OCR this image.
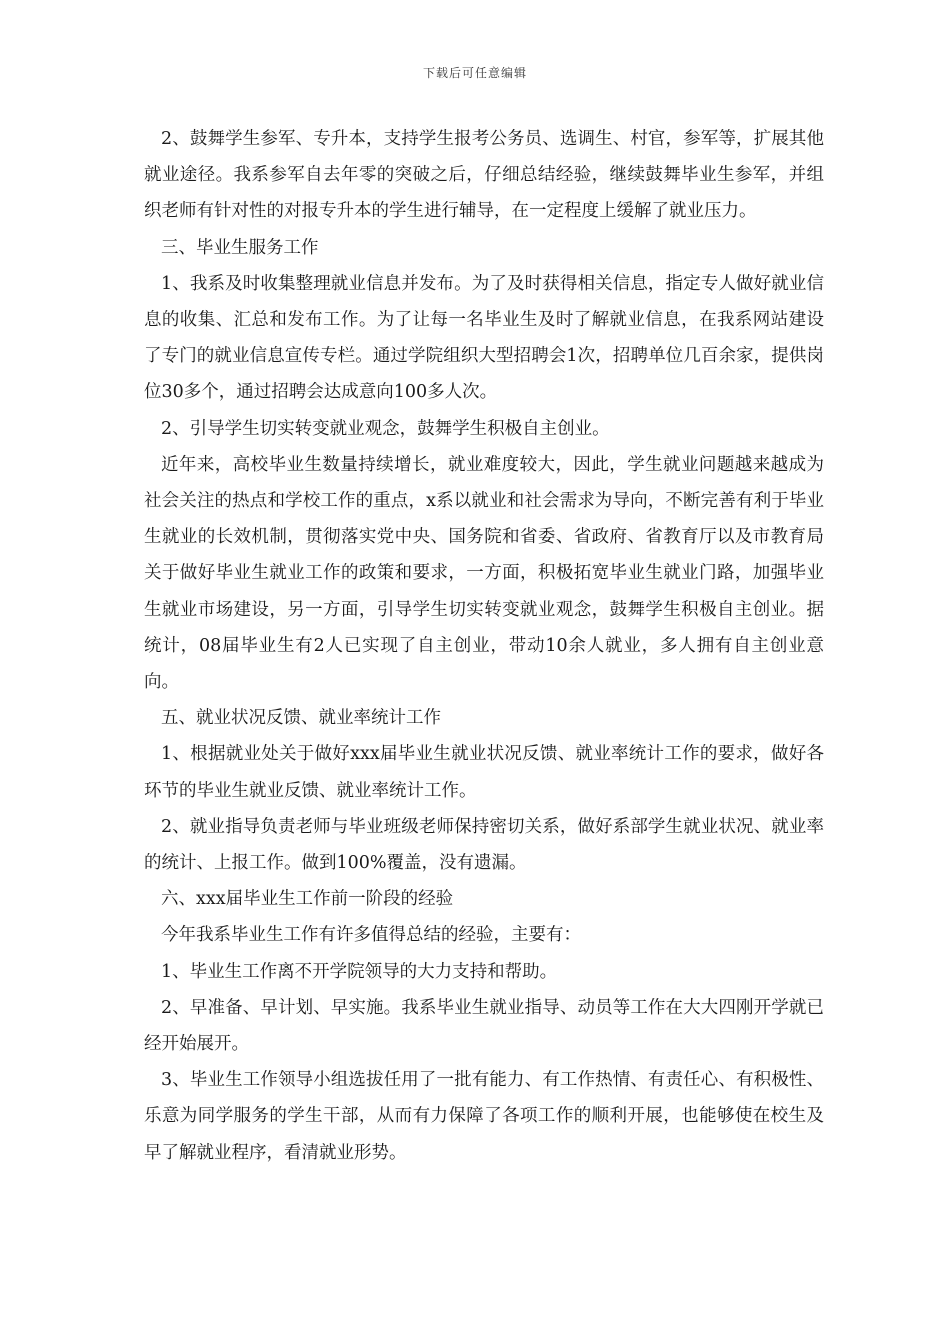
下载后可任意编辑

2、鼓舞学生参军、专升本，支持学生报考公务员、选调生、村官，参军等，扩展其他就业途径。我系参军自去年零的突破之后，仔细总结经验，继续鼓舞毕业生参军，并组织老师有针对性的对报专升本的学生进行辅导，在一定程度上缓解了就业压力。

三、毕业生服务工作

1、我系及时收集整理就业信息并发布。为了及时获得相关信息，指定专人做好就业信息的收集、汇总和发布工作。为了让每一名毕业生及时了解就业信息，在我系网站建设了专门的就业信息宣传专栏。通过学院组织大型招聘会1次，招聘单位几百余家，提供岗位30多个，通过招聘会达成意向100多人次。

2、引导学生切实转变就业观念，鼓舞学生积极自主创业。

近年来，高校毕业生数量持续增长，就业难度较大，因此，学生就业问题越来越成为社会关注的热点和学校工作的重点，x系以就业和社会需求为导向，不断完善有利于毕业生就业的长效机制，贯彻落实党中央、国务院和省委、省政府、省教育厅以及市教育局关于做好毕业生就业工作的政策和要求，一方面，积极拓宽毕业生就业门路，加强毕业生就业市场建设，另一方面，引导学生切实转变就业观念，鼓舞学生积极自主创业。据统计，08届毕业生有2人已实现了自主创业，带动10余人就业，多人拥有自主创业意向。

五、就业状况反馈、就业率统计工作

1、根据就业处关于做好xxx届毕业生就业状况反馈、就业率统计工作的要求，做好各环节的毕业生就业反馈、就业率统计工作。

2、就业指导负责老师与毕业班级老师保持密切关系，做好系部学生就业状况、就业率的统计、上报工作。做到100%覆盖，没有遗漏。

六、xxx届毕业生工作前一阶段的经验

今年我系毕业生工作有许多值得总结的经验，主要有：

1、毕业生工作离不开学院领导的大力支持和帮助。

2、早准备、早计划、早实施。我系毕业生就业指导、动员等工作在大大四刚开学就已经开始展开。

3、毕业生工作领导小组选拔任用了一批有能力、有工作热情、有责任心、有积极性、乐意为同学服务的学生干部，从而有力保障了各项工作的顺利开展，也能够使在校生及早了解就业程序，看清就业形势。
